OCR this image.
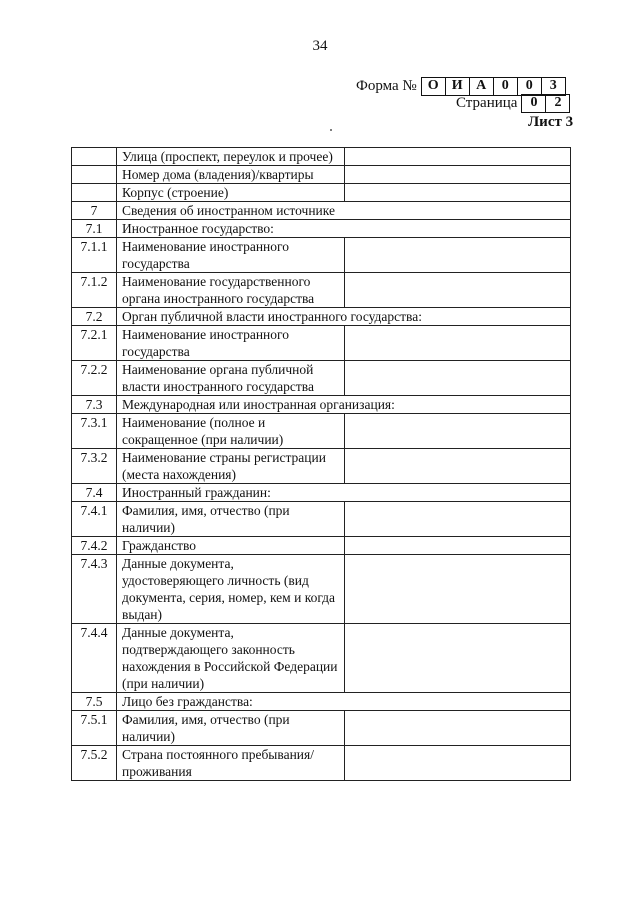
34
Форма № О И А	0	0	3
Страница 0	2
Лист 3
	Улица (проспект, переулок и прочее)	
	Номер дома (владения)/квартиры	
	Корпус (строение)	
7	Сведения об иностранном источнике	
7.1	Иностранное государство:	
7.1.1	Наименование иностранного государства	
7.1.2	Наименование государственного органа иностранного государства	
7.2	Орган публичной власти иностранного государства:	
7.2.1	Наименование иностранного государства	
7.2.2	Наименование органа публичной власти иностранного государства	
7.3	Международная или иностранная организация:	
7.3.1	Наименование (полное и сокращенное (при наличии)	
7.3.2	Наименование страны регистрации (места нахождения)	
7.4	Иностранный гражданин:	
7.4.1	Фамилия, имя, отчество (при наличии)	
7.4.2	Гражданство	
7.4.3	Данные документа, удостоверяющего личность (вид документа, серия, номер, кем и когда выдан)	
7.4.4	Данные документа, подтверждающего законность нахождения в Российской Федерации (при наличии)	
7.5	Лицо без гражданства:	
7.5.1	Фамилия, имя, отчество (при наличии)	
7.5.2	Страна постоянного пребывания/проживания	
